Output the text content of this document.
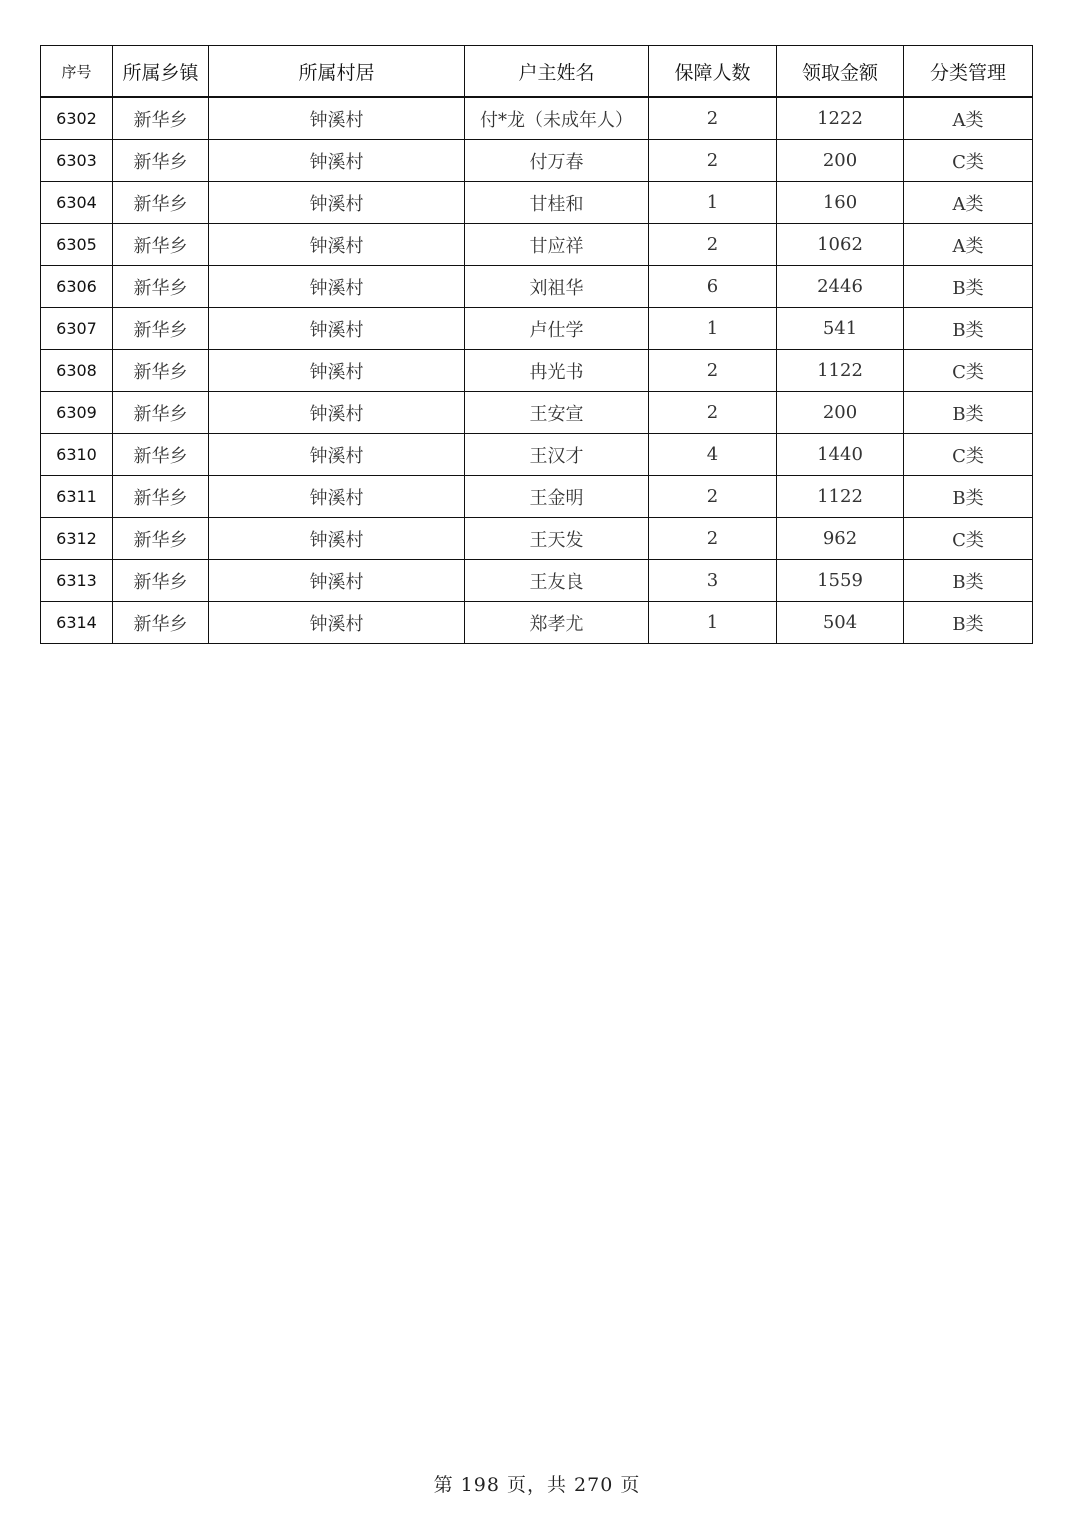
序号	所属乡镇	所属村居	户主姓名	保障人数	领取金额	分类管理
6302	新华乡	钟溪村	付*龙（未成年人）	2	1222	A类
6303	新华乡	钟溪村	付万春	2	200	C类
6304	新华乡	钟溪村	甘桂和	1	160	A类
6305	新华乡	钟溪村	甘应祥	2	1062	A类
6306	新华乡	钟溪村	刘祖华	6	2446	B类
6307	新华乡	钟溪村	卢仕学	1	541	B类
6308	新华乡	钟溪村	冉光书	2	1122	C类
6309	新华乡	钟溪村	王安宣	2	200	B类
6310	新华乡	钟溪村	王汉才	4	1440	C类
6311	新华乡	钟溪村	王金明	2	1122	B类
6312	新华乡	钟溪村	王天发	2	962	C类
6313	新华乡	钟溪村	王友良	3	1559	B类
6314	新华乡	钟溪村	郑孝尤	1	504	B类
第 198 页，共 270 页
